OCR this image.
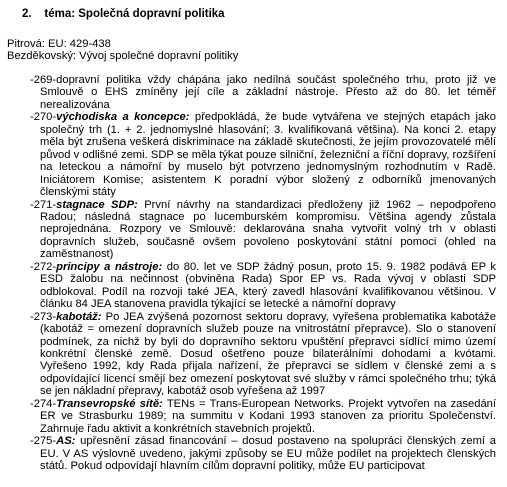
2. téma: Společná dopravní politika
Pitrová: EU: 429-438
Bezděkovský: Vývoj společné dopravní politiky

-269-dopravní politika vždy chápána jako nedílná součást společného trhu, proto již ve Smlouvě o EHS zmíněny její cíle a základní nástroje. Přesto až do 80. let téměř nerealizována

-270-východiska a koncepce: předpokládá, že bude vytvářena ve stejných etapách jako společný trh (1. + 2. jednomyslné hlasování; 3. kvalifikovaná většina). Na konci 2. etapy měla být zrušena veškerá diskriminace na základě skutečnosti, že jejím provozovatelé mělí původ v odlišné zemi. SDP se měla týkat pouze silniční, železniční a říční dopravy, rozšíření na leteckou a námořní by muselo být potvrzeno jednomyslným rozhodnutím v Radě. Iniciátorem Komise; asistentem K poradní výbor složený z odborníků jmenovaných členskými státy

-271-stagnace SDP: První návrhy na standardizaci předloženy již 1962 – nepodpořeno Radou; následná stagnace po lucemburském kompromisu. Většina agendy zůstala neprojednána. Rozpory ve Smlouvě: deklarována snaha vytvořit volný trh v oblasti dopravních služeb, současně ovšem povoleno poskytování státní pomoci (ohled na zaměstnanost)

-272-principy a nástroje: do 80. let ve SDP žádný posun, proto 15. 9. 1982 podává EP k ESD žalobu na nečinnost (obviněna Rada) Spor EP vs. Rada vývoj v oblasti SDP odblokoval. Podíl na rozvoji také JEA, který zavedl hlasování kvalifikovanou většinou. V článku 84 JEA stanovena pravidla týkající se letecké a námořní dopravy

-273-kabotáž: Po JEA zvýšená pozornost sektoru dopravy, vyřešena problematika kabotáže (kabotáž = omezení dopravních služeb pouze na vnitrostátní přepravce). Slo o stanovení podmínek, za nichž by byli do dopravního sektoru vpuštění přepravci sídlící mimo území konkrétní členské země. Dosud ošetřeno pouze bilaterálními dohodami a kvótami. Vyřešeno 1992, kdy Rada přijala nařízení, že přepravci se sídlem v členské zemi a s odpovídající licencí smějí bez omezení poskytovat své služby v rámci společného trhu; týká se jen nákladní přepravy, kabotáž osob vyřešena až 1997

-274-Transevropské sítě: TENs = Trans-European Networks. Projekt vytvořen na zasedání ER ve Strasburku 1989; na summitu v Kodani 1993 stanoven za prioritu Společenství. Zahrnuje řadu aktivit a konkrétních stavebních projektů.

-275-AS: upřesnění zásad financování – dosud postaveno na spolupráci členských zemí a EU. V AS výslovně uvedeno, jakými způsoby se EU může podílet na projektech členských států. Pokud odpovídají hlavním cílům dopravní politiky, může EU participovat
